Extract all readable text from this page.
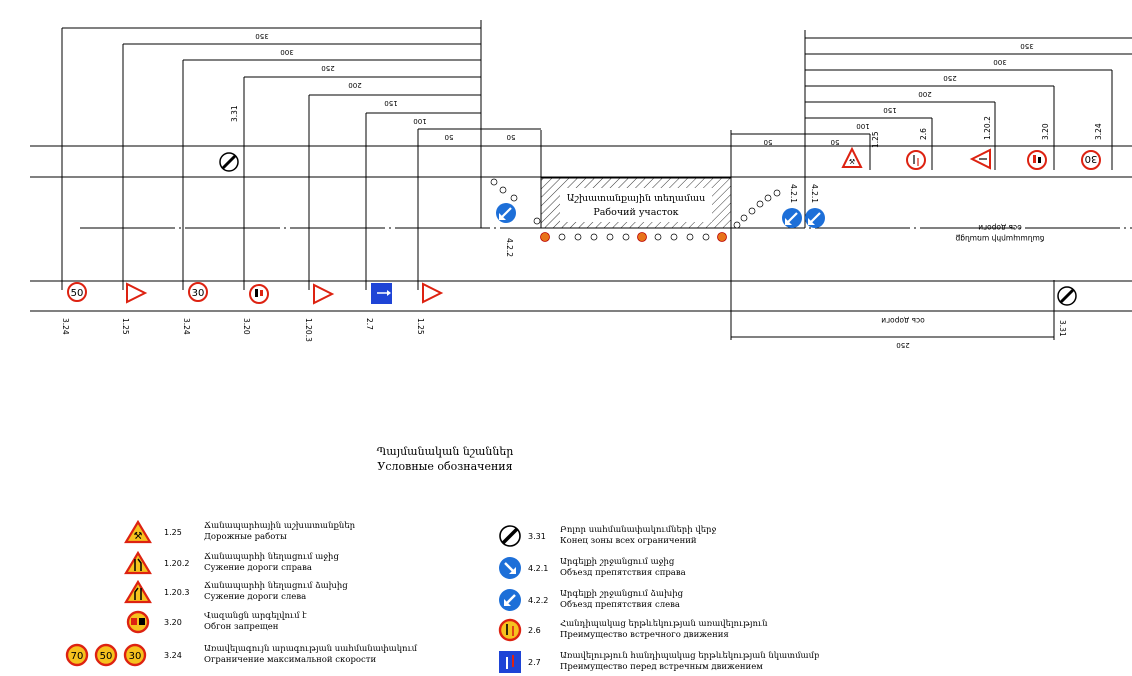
Աշխատանքային տեղամաս
Рабочий участок
350
300
250
200
150
100
50	50
350
300
250
200
150
100
50
50
250
ось дороги
ось дороги
ճանապարհի առանցք
4.2.2
4.2.1 4.2.1
3.31
⚒
1.25	2.6	1.20.2	3.20
30
3.24
50	30
3.31
3.24	1.25	3.24	3.20	1.20.3	2.7	1.25
Պայմանական նշաններ
Условные обозначения
⚒	1.25
Ճանապարհային աշխատանքներ
Дорожные работы
1.20.2
Ճանապարհի նեղացում աջից
Сужение дороги справа
1.20.3
Ճանապարհի նեղացում ձախից
Сужение дороги слева
3.20
Վազանցն արգելվում է
Обгон запрещен
70 50 30	3.24
Առավելագույն արագության սահմանափակում
Ограничение максимальной скорости
3.31
Բոլոր սահմանափակումների վերջ
Конец зоны всех ограничений
4.2.1
Արգելքի շրջանցում աջից
Объезд препятствия справа
4.2.2
Արգելքի շրջանցում ձախից
Объезд препятствия слева
2.6
Հանդիպակաց երթևեկության առավելություն
Преимущество встречного движения
2.7
Առավելություն հանդիպակաց երթևեկության նկատմամբ
Преимущество перед встречным движением
